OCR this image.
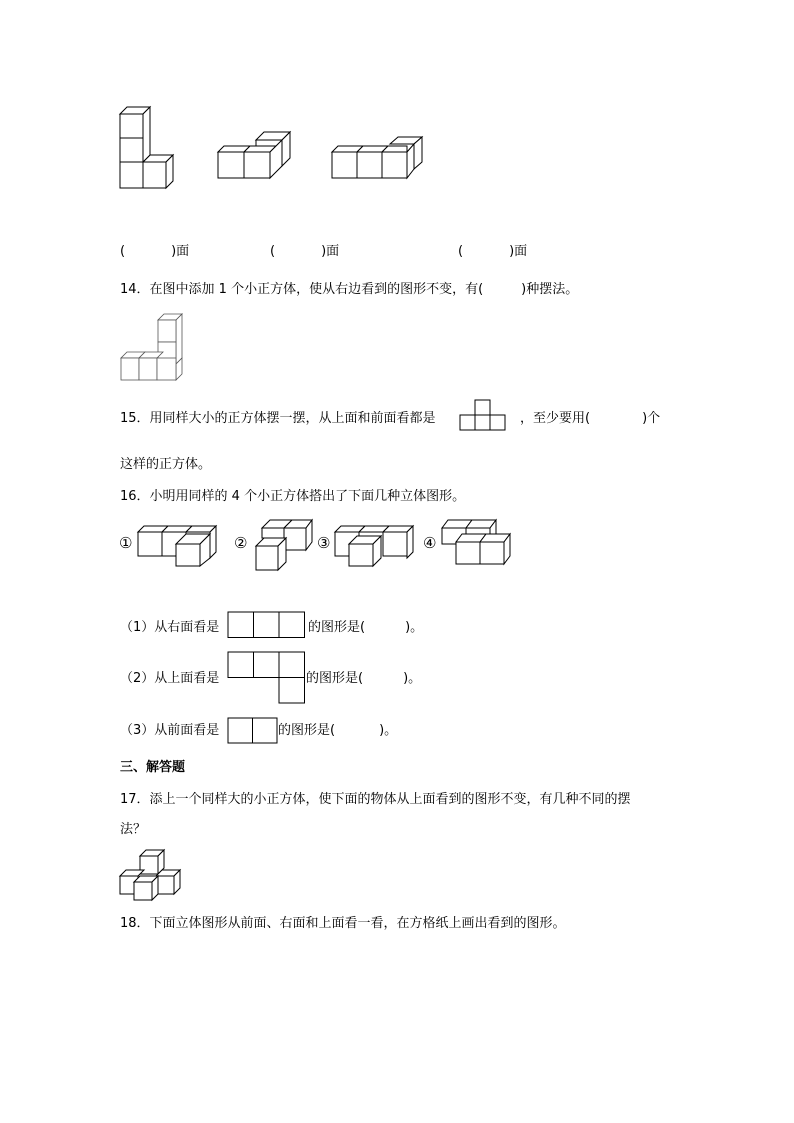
(	)面	(	)面	(	)面
14．在图中添加 1 个小正方体，使从右边看到的图形不变，有(	)种摆法。
15．用同样大小的正方体摆一摆，从上面和前面看都是	，至少要用(	)个
这样的正方体。
16．小明用同样的 4 个小正方体搭出了下面几种立体图形。
①	②	③	④
（1）从右面看是	的图形是(	)。
（2）从上面看是	的图形是(	)。
（3）从前面看是	的图形是(	)。
三、解答题
17．添上一个同样大的小正方体，使下面的物体从上面看到的图形不变，有几种不同的摆
法？
18．下面立体图形从前面、右面和上面看一看，在方格纸上画出看到的图形。
